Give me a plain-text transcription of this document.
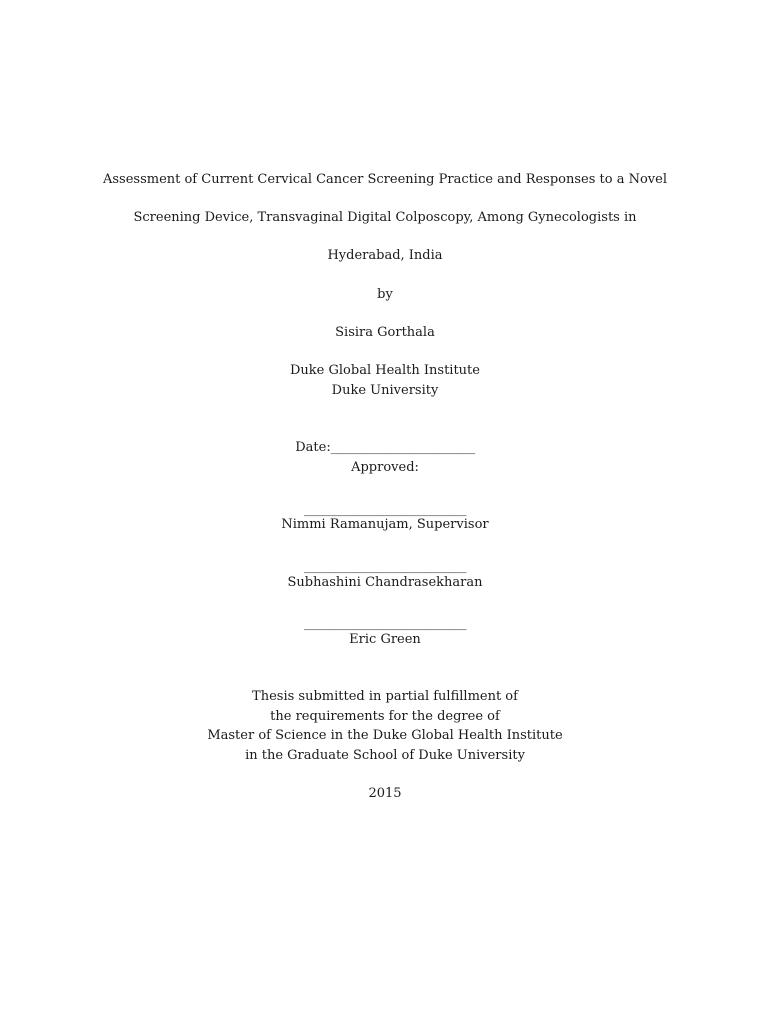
Assessment of Current Cervical Cancer Screening Practice and Responses to a Novel
Screening Device, Transvaginal Digital Colposcopy, Among Gynecologists in
Hyderabad, India
by
Sisira Gorthala
Duke Global Health Institute
Duke University
Date:________________________
Approved:
___________________________
Nimmi Ramanujam, Supervisor
___________________________
Subhashini Chandrasekharan
___________________________
Eric Green
Thesis submitted in partial fulfillment of
the requirements for the degree of
Master of Science in the Duke Global Health Institute
in the Graduate School of Duke University
2015
